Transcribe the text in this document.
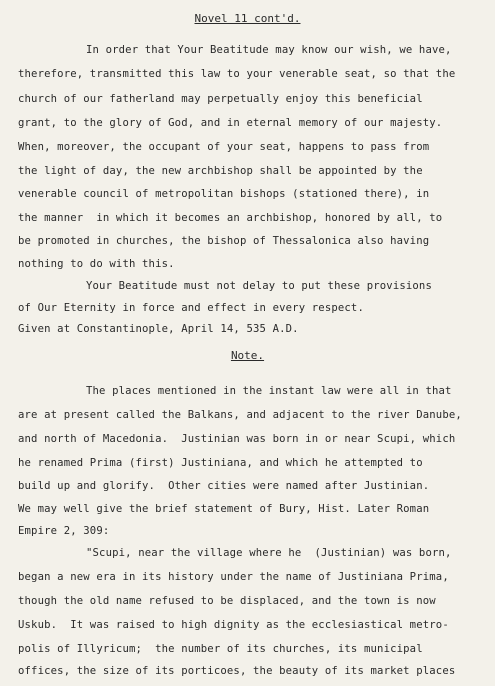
Novel 11 cont'd.
In order that Your Beatitude may know our wish, we have,
therefore, transmitted this law to your venerable seat, so that the
church of our fatherland may perpetually enjoy this beneficial
grant, to the glory of God, and in eternal memory of our majesty.
When, moreover, the occupant of your seat, happens to pass from
the light of day, the new archbishop shall be appointed by the
venerable council of metropolitan bishops (stationed there), in
the manner  in which it becomes an archbishop, honored by all, to
be promoted in churches, the bishop of Thessalonica also having
nothing to do with this.
Your Beatitude must not delay to put these provisions
of Our Eternity in force and effect in every respect.
Given at Constantinople, April 14, 535 A.D.
Note.
The places mentioned in the instant law were all in that
are at present called the Balkans, and adjacent to the river Danube,
and north of Macedonia.  Justinian was born in or near Scupi, which
he renamed Prima (first) Justiniana, and which he attempted to
build up and glorify.  Other cities were named after Justinian.
We may well give the brief statement of Bury, Hist. Later Roman
Empire 2, 309:
"Scupi, near the village where he  (Justinian) was born,
began a new era in its history under the name of Justiniana Prima,
though the old name refused to be displaced, and the town is now
Uskub.  It was raised to high dignity as the ecclesiastical metro-
polis of Illyricum;  the number of its churches, its municipal
offices, the size of its porticoes, the beauty of its market places
